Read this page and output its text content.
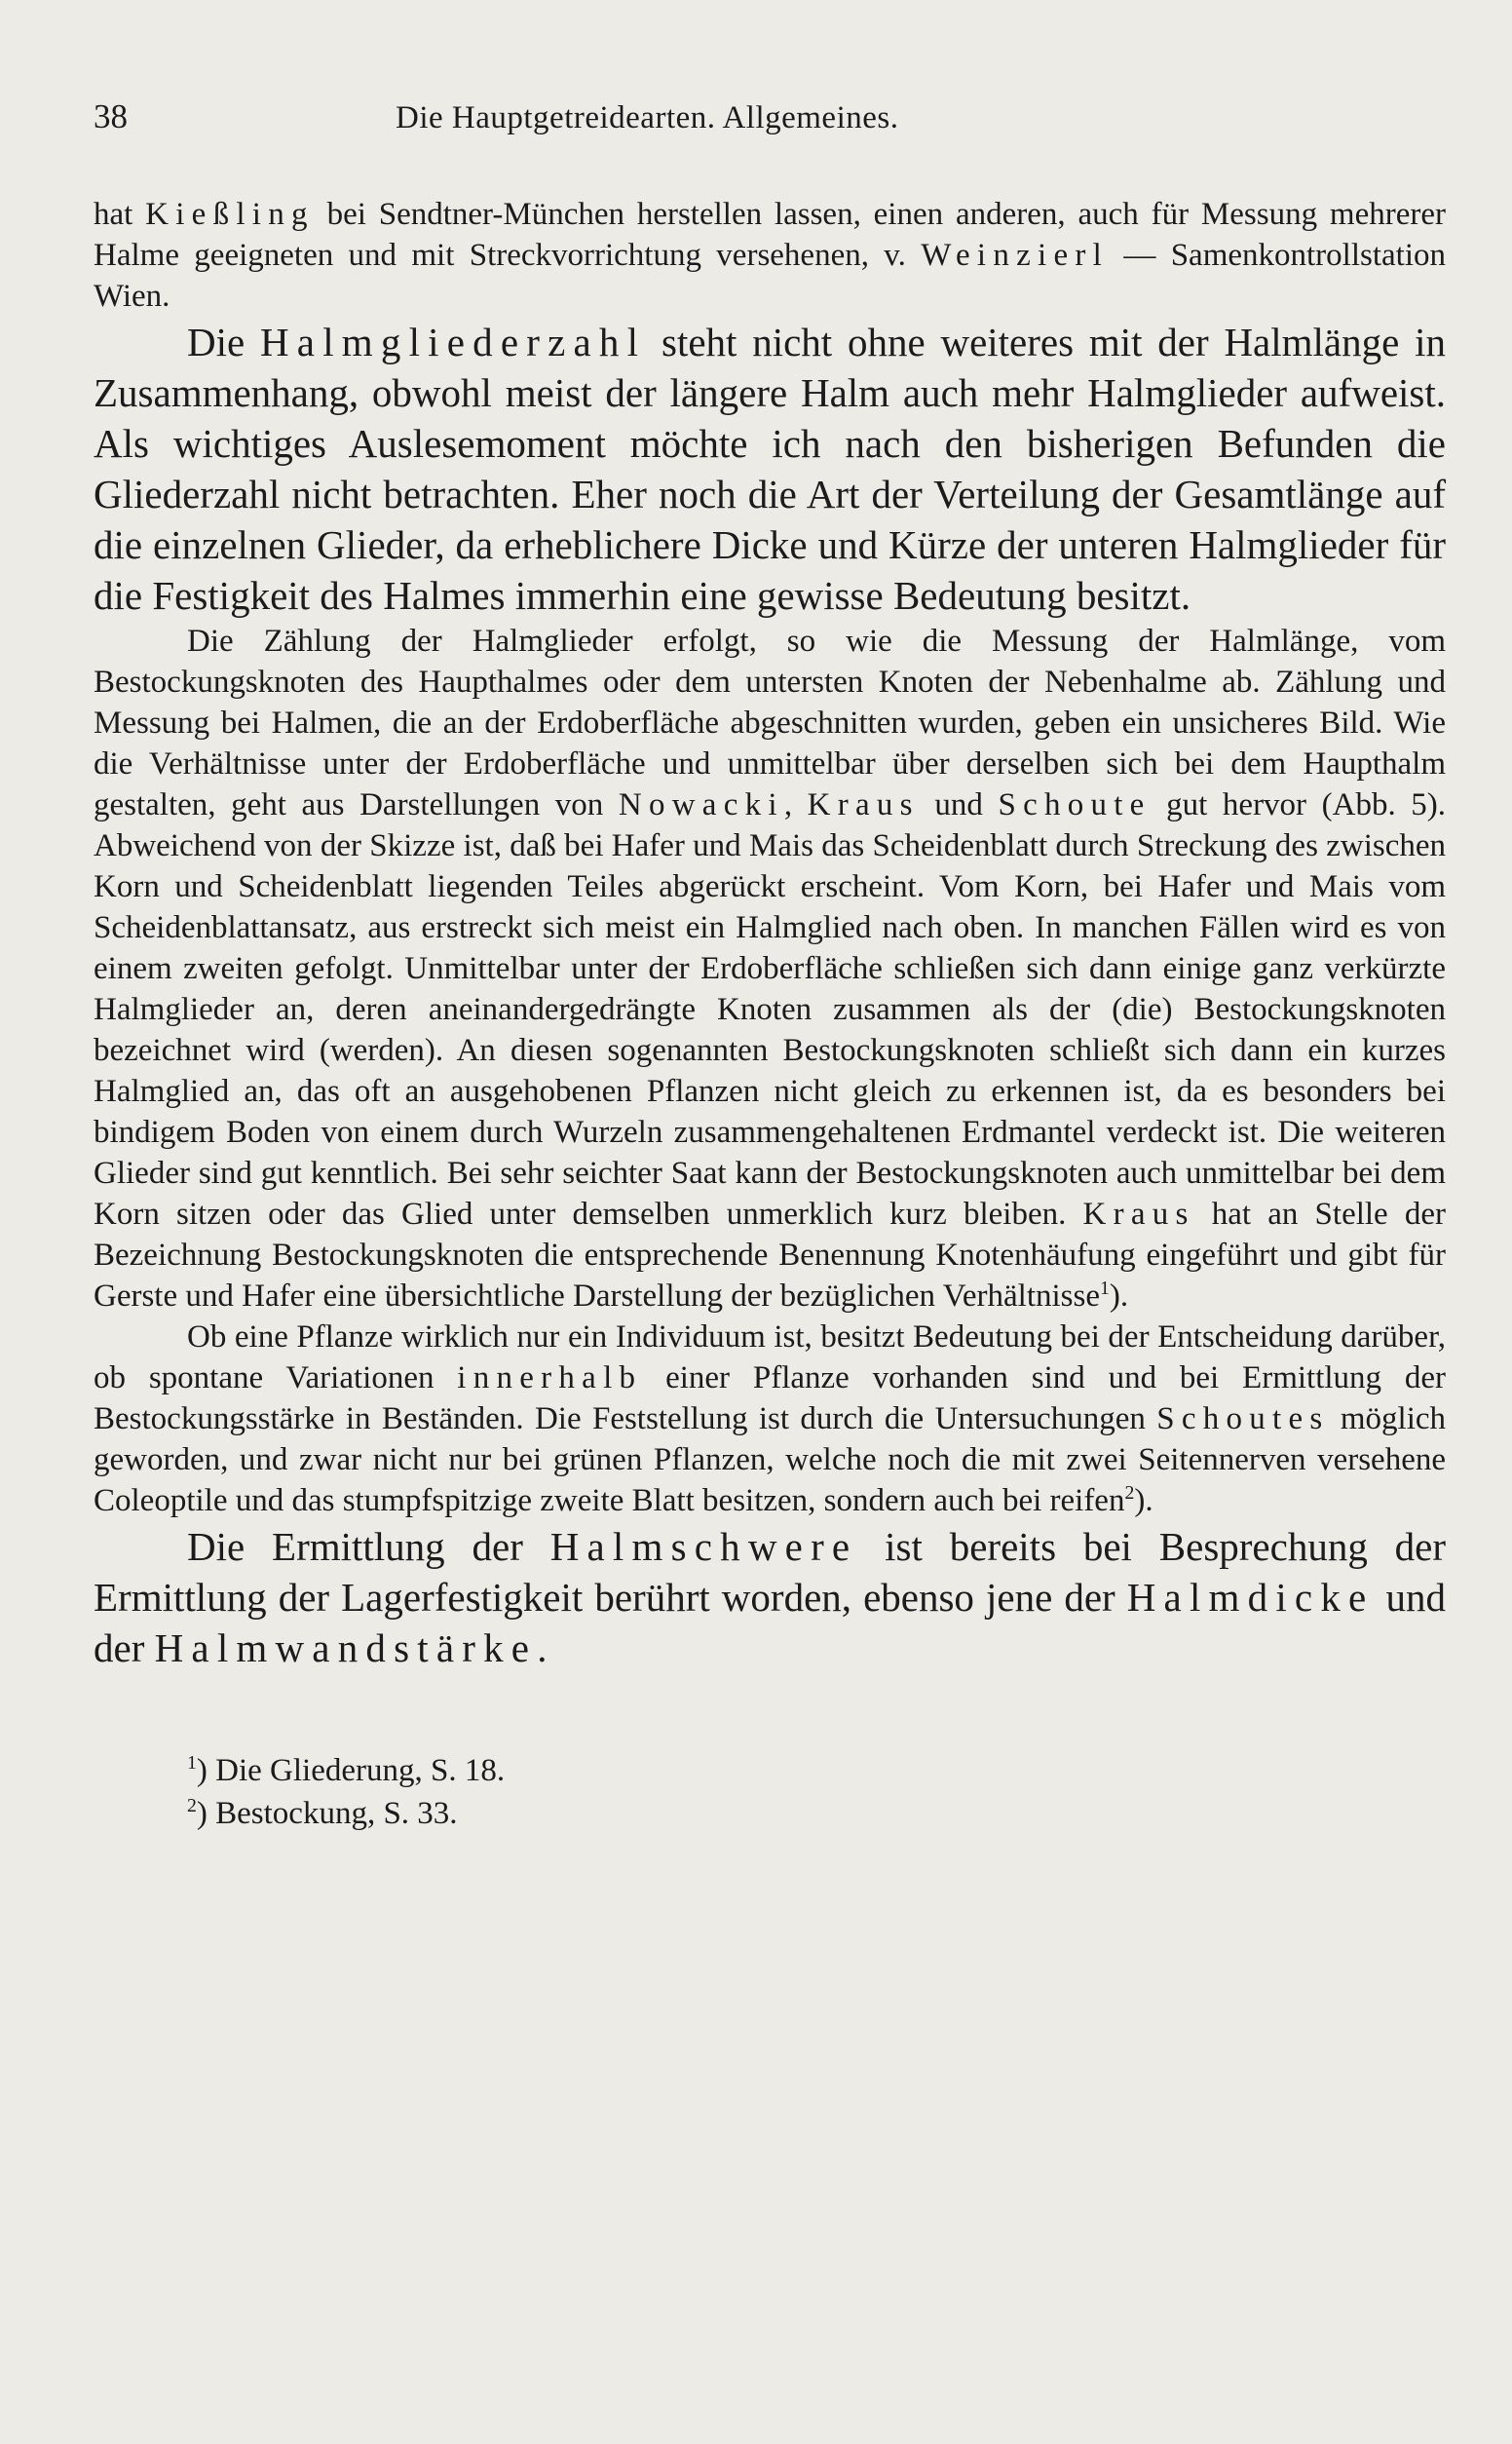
38	Die Hauptgetreidearten. Allgemeines.

hat Kießling bei Sendtner-München herstellen lassen, einen anderen, auch für Messung mehrerer Halme geeigneten und mit Streckvorrichtung versehenen, v. Weinzierl — Samenkontrollstation Wien.

Die Halmgliederzahl steht nicht ohne weiteres mit der Halmlänge in Zusammenhang, obwohl meist der längere Halm auch mehr Halmglieder aufweist. Als wichtiges Auslesemoment möchte ich nach den bisherigen Befunden die Gliederzahl nicht betrachten. Eher noch die Art der Verteilung der Gesamtlänge auf die einzelnen Glieder, da erheblichere Dicke und Kürze der unteren Halmglieder für die Festigkeit des Halmes immerhin eine gewisse Bedeutung besitzt.

Die Zählung der Halmglieder erfolgt, so wie die Messung der Halmlänge, vom Bestockungsknoten des Haupthalmes oder dem untersten Knoten der Nebenhalme ab. Zählung und Messung bei Halmen, die an der Erdoberfläche abgeschnitten wurden, geben ein unsicheres Bild. Wie die Verhältnisse unter der Erdoberfläche und unmittelbar über derselben sich bei dem Haupthalm gestalten, geht aus Darstellungen von Nowacki, Kraus und Schoute gut hervor (Abb. 5). Abweichend von der Skizze ist, daß bei Hafer und Mais das Scheidenblatt durch Streckung des zwischen Korn und Scheidenblatt liegenden Teiles abgerückt erscheint. Vom Korn, bei Hafer und Mais vom Scheidenblattansatz, aus erstreckt sich meist ein Halmglied nach oben. In manchen Fällen wird es von einem zweiten gefolgt. Unmittelbar unter der Erdoberfläche schließen sich dann einige ganz verkürzte Halmglieder an, deren aneinandergedrängte Knoten zusammen als der (die) Bestockungsknoten bezeichnet wird (werden). An diesen sogenannten Bestockungsknoten schließt sich dann ein kurzes Halmglied an, das oft an ausgehobenen Pflanzen nicht gleich zu erkennen ist, da es besonders bei bindigem Boden von einem durch Wurzeln zusammengehaltenen Erdmantel verdeckt ist. Die weiteren Glieder sind gut kenntlich. Bei sehr seichter Saat kann der Bestockungsknoten auch unmittelbar bei dem Korn sitzen oder das Glied unter demselben unmerklich kurz bleiben. Kraus hat an Stelle der Bezeichnung Bestockungsknoten die entsprechende Benennung Knotenhäufung eingeführt und gibt für Gerste und Hafer eine übersichtliche Darstellung der bezüglichen Verhältnisse$^1$).

Ob eine Pflanze wirklich nur ein Individuum ist, besitzt Bedeutung bei der Entscheidung darüber, ob spontane Variationen innerhalb einer Pflanze vorhanden sind und bei Ermittlung der Bestockungsstärke in Beständen. Die Feststellung ist durch die Untersuchungen Schoutes möglich geworden, und zwar nicht nur bei grünen Pflanzen, welche noch die mit zwei Seitennerven versehene Coleoptile und das stumpfspitzige zweite Blatt besitzen, sondern auch bei reifen$^2$).

Die Ermittlung der Halmschwere ist bereits bei Besprechung der Ermittlung der Lagerfestigkeit berührt worden, ebenso jene der Halmdicke und der Halmwandstärke.

$^1$) Die Gliederung, S. 18.
$^2$) Bestockung, S. 33.
